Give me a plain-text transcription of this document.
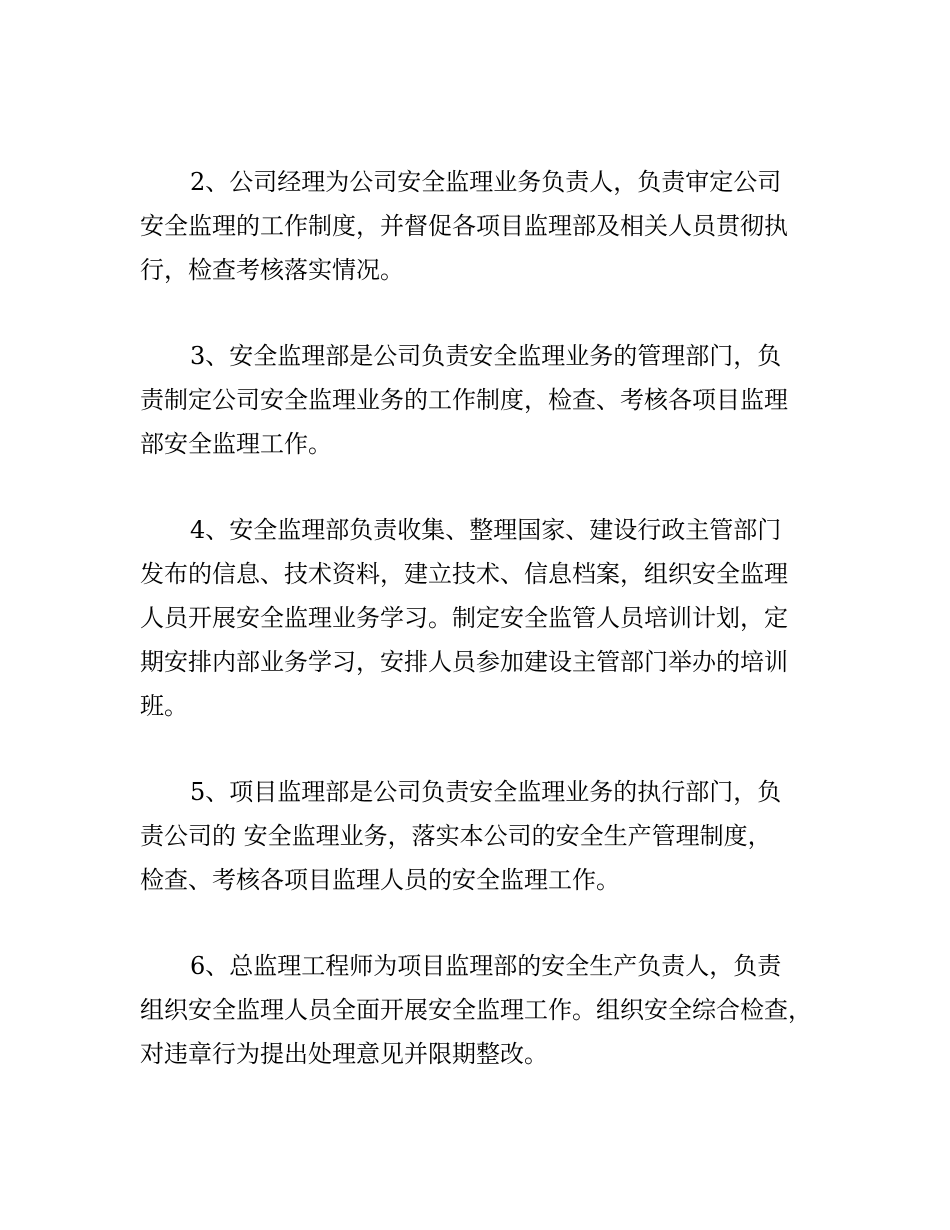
2、公司经理为公司安全监理业务负责人，负责审定公司
安全监理的工作制度，并督促各项目监理部及相关人员贯彻执
行，检查考核落实情况。
3、安全监理部是公司负责安全监理业务的管理部门，负
责制定公司安全监理业务的工作制度，检查、考核各项目监理
部安全监理工作。
4、安全监理部负责收集、整理国家、建设行政主管部门
发布的信息、技术资料，建立技术、信息档案，组织安全监理
人员开展安全监理业务学习。制定安全监管人员培训计划，定
期安排内部业务学习，安排人员参加建设主管部门举办的培训
班。
5、项目监理部是公司负责安全监理业务的执行部门，负
责公司的 安全监理业务，落实本公司的安全生产管理制度，
检查、考核各项目监理人员的安全监理工作。
6、总监理工程师为项目监理部的安全生产负责人，负责
组织安全监理人员全面开展安全监理工作。组织安全综合检查，
对违章行为提出处理意见并限期整改。
